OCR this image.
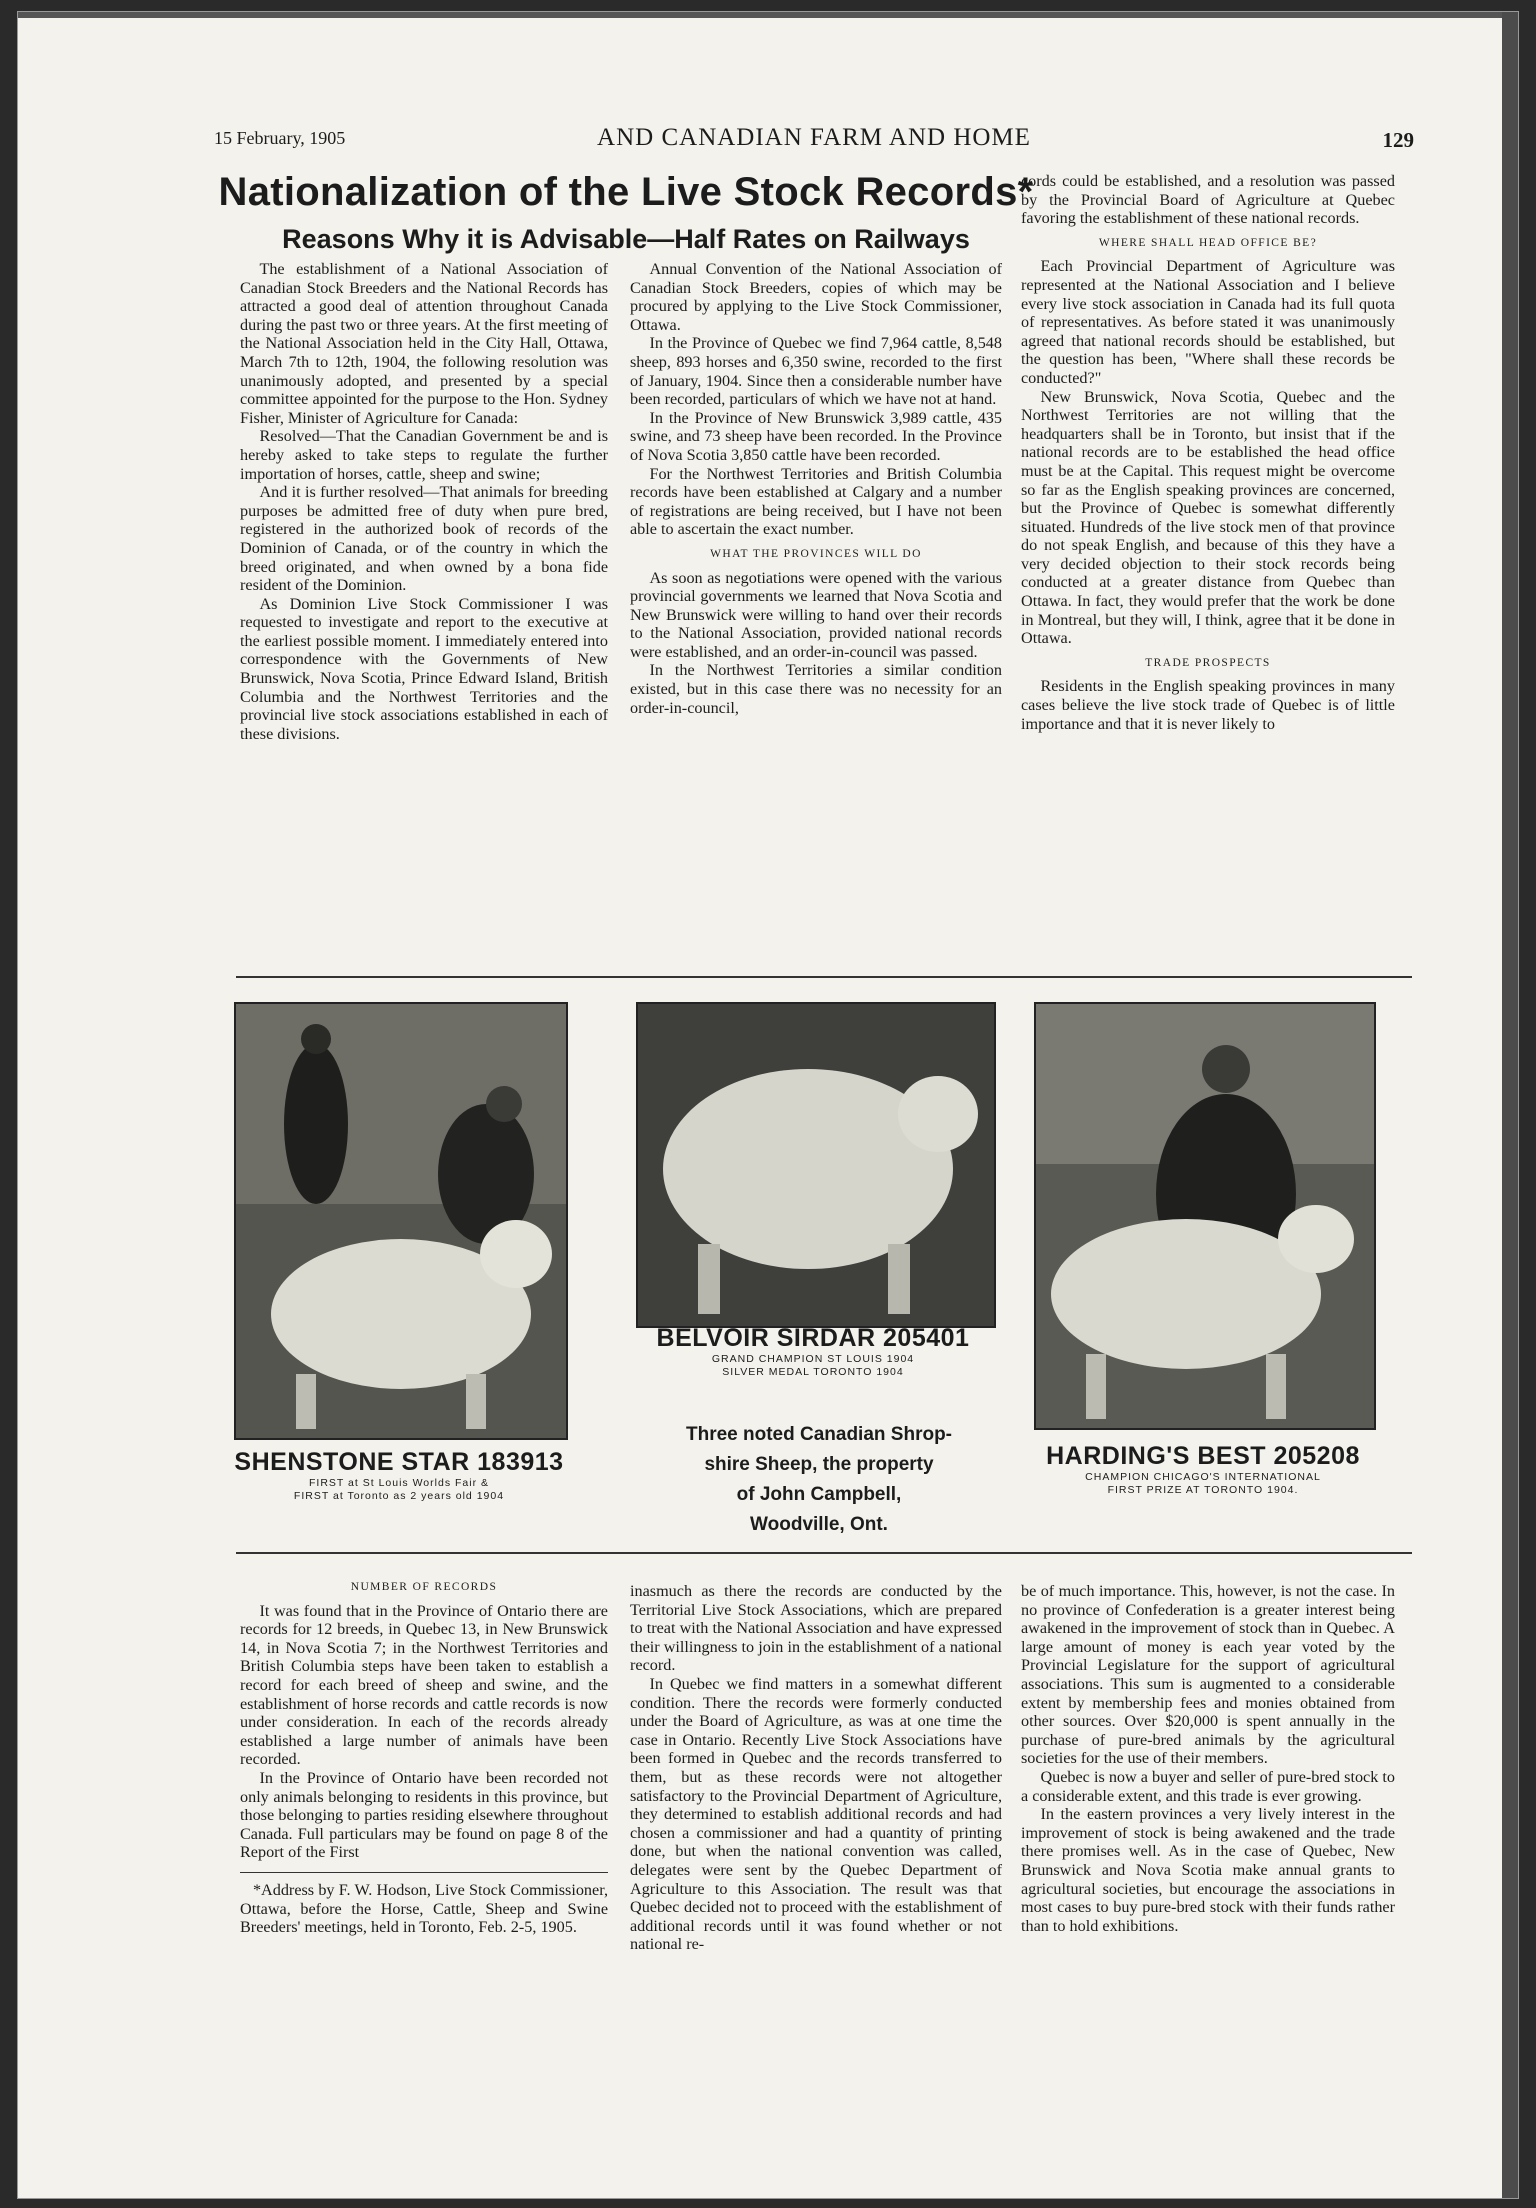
15 February, 1905	AND CANADIAN FARM AND HOME	129
Nationalization of the Live Stock Records*
Reasons Why it is Advisable—Half Rates on Railways

The establishment of a National Association of Canadian Stock Breeders and the National Records has attracted a good deal of attention throughout Canada during the past two or three years. At the first meeting of the National Association held in the City Hall, Ottawa, March 7th to 12th, 1904, the following resolution was unanimously adopted, and presented by a special committee appointed for the purpose to the Hon. Sydney Fisher, Minister of Agriculture for Canada:

Resolved—That the Canadian Government be and is hereby asked to take steps to regulate the further importation of horses, cattle, sheep and swine;

And it is further resolved—That animals for breeding purposes be admitted free of duty when pure bred, registered in the authorized book of records of the Dominion of Canada, or of the country in which the breed originated, and when owned by a bona fide resident of the Dominion.

As Dominion Live Stock Commissioner I was requested to investigate and report to the executive at the earliest possible moment. I immediately entered into correspondence with the Governments of New Brunswick, Nova Scotia, Prince Edward Island, British Columbia and the Northwest Territories and the provincial live stock associations established in each of these divisions.

Annual Convention of the National Association of Canadian Stock Breeders, copies of which may be procured by applying to the Live Stock Commissioner, Ottawa.

In the Province of Quebec we find 7,964 cattle, 8,548 sheep, 893 horses and 6,350 swine, recorded to the first of January, 1904. Since then a considerable number have been recorded, particulars of which we have not at hand.

In the Province of New Brunswick 3,989 cattle, 435 swine, and 73 sheep have been recorded. In the Province of Nova Scotia 3,850 cattle have been recorded.

For the Northwest Territories and British Columbia records have been established at Calgary and a number of registrations are being received, but I have not been able to ascertain the exact number.

WHAT THE PROVINCES WILL DO

As soon as negotiations were opened with the various provincial governments we learned that Nova Scotia and New Brunswick were willing to hand over their records to the National Association, provided national records were established, and an order-in-council was passed.

In the Northwest Territories a similar condition existed, but in this case there was no necessity for an order-in-council,

cords could be established, and a resolution was passed by the Provincial Board of Agriculture at Quebec favoring the establishment of these national records.

WHERE SHALL HEAD OFFICE BE?

Each Provincial Department of Agriculture was represented at the National Association and I believe every live stock association in Canada had its full quota of representatives. As before stated it was unanimously agreed that national records should be established, but the question has been, "Where shall these records be conducted?"

New Brunswick, Nova Scotia, Quebec and the Northwest Territories are not willing that the headquarters shall be in Toronto, but insist that if the national records are to be established the head office must be at the Capital. This request might be overcome so far as the English speaking provinces are concerned, but the Province of Quebec is somewhat differently situated. Hundreds of the live stock men of that province do not speak English, and because of this they have a very decided objection to their stock records being conducted at a greater distance from Quebec than Ottawa. In fact, they would prefer that the work be done in Montreal, but they will, I think, agree that it be done in Ottawa.

TRADE PROSPECTS

Residents in the English speaking provinces in many cases believe the live stock trade of Quebec is of little importance and that it is never likely to

SHENSTONE STAR 183913
FIRST at St Louis Worlds Fair &
FIRST at Toronto as 2 years old 1904
BELVOIR SIRDAR 205401
GRAND CHAMPION ST LOUIS 1904
SILVER MEDAL TORONTO 1904
HARDING'S BEST 205208
CHAMPION CHICAGO'S INTERNATIONAL
FIRST PRIZE AT TORONTO 1904.
Three noted Canadian Shrop-
shire Sheep, the property
of John Campbell,
Woodville, Ont.
NUMBER OF RECORDS

It was found that in the Province of Ontario there are records for 12 breeds, in Quebec 13, in New Brunswick 14, in Nova Scotia 7; in the Northwest Territories and British Columbia steps have been taken to establish a record for each breed of sheep and swine, and the establishment of horse records and cattle records is now under consideration. In each of the records already established a large number of animals have been recorded.

In the Province of Ontario have been recorded not only animals belonging to residents in this province, but those belonging to parties residing elsewhere throughout Canada. Full particulars may be found on page 8 of the Report of the First

*Address by F. W. Hodson, Live Stock Commissioner, Ottawa, before the Horse, Cattle, Sheep and Swine Breeders' meetings, held in Toronto, Feb. 2-5, 1905.

inasmuch as there the records are conducted by the Territorial Live Stock Associations, which are prepared to treat with the National Association and have expressed their willingness to join in the establishment of a national record.

In Quebec we find matters in a somewhat different condition. There the records were formerly conducted under the Board of Agriculture, as was at one time the case in Ontario. Recently Live Stock Associations have been formed in Quebec and the records transferred to them, but as these records were not altogether satisfactory to the Provincial Department of Agriculture, they determined to establish additional records and had chosen a commissioner and had a quantity of printing done, but when the national convention was called, delegates were sent by the Quebec Department of Agriculture to this Association. The result was that Quebec decided not to proceed with the establishment of additional records until it was found whether or not national re-

be of much importance. This, however, is not the case. In no province of Confederation is a greater interest being awakened in the improvement of stock than in Quebec. A large amount of money is each year voted by the Provincial Legislature for the support of agricultural associations. This sum is augmented to a considerable extent by membership fees and monies obtained from other sources. Over $20,000 is spent annually in the purchase of pure-bred animals by the agricultural societies for the use of their members.

Quebec is now a buyer and seller of pure-bred stock to a considerable extent, and this trade is ever growing.

In the eastern provinces a very lively interest in the improvement of stock is being awakened and the trade there promises well. As in the case of Quebec, New Brunswick and Nova Scotia make annual grants to agricultural societies, but encourage the associations in most cases to buy pure-bred stock with their funds rather than to hold exhibitions.
